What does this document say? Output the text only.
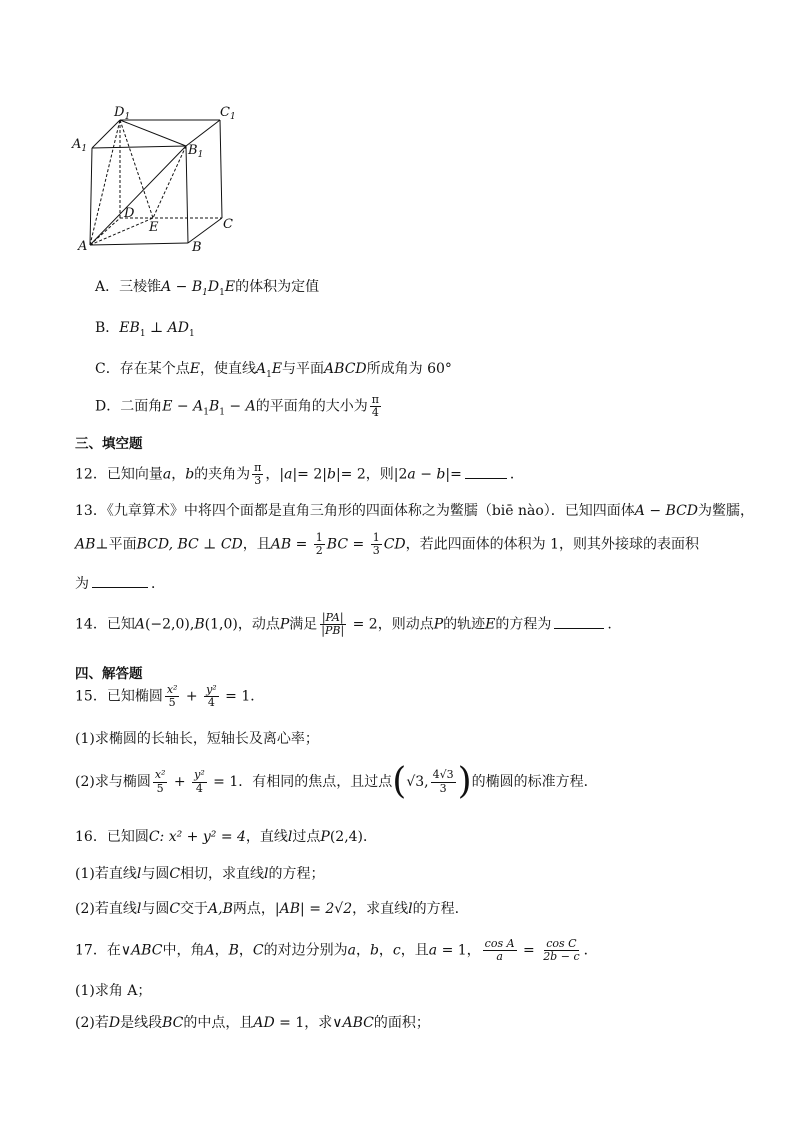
$D_1$	$C_1$
$A_1$	$B_1$
D
E	C
A	B
A．三棱锥$A - B_1D_1E$的体积为定值
B．$EB_1$ ⊥ $AD_1$
C．存在某个点E，使直线$A_1E$与平面ABCD所成角为 60°
D．二面角$E - A_1B_1 - A$的平面角的大小为 $\frac{\pi}{4}$
三、填空题
12．已知向量a，b的夹角为 $\frac{\pi}{3}$ ，|a|= 2|b|= 2，则|2a − b|=	．
13．《九章算术》中将四个面都是直角三角形的四面体称之为鳖臑（biē nào）．已知四面体A − BCD为鳖臑，
AB⊥平面BCD, BC ⊥ CD，且AB = $\frac{1}{2}$ BC = $\frac{1}{3}$ CD，若此四面体的体积为 1，则其外接球的表面积
为	．
14．已知A(−2,0),B(1,0)，动点P满足 $\frac{|PA|}{|PB|} = 2$，则动点P的轨迹E的方程为	.
四、解答题
15．已知椭圆 $\frac{\text{x²}}{5} + \frac{\text{y²}}{4} = 1$．
(1)求椭圆的长轴长，短轴长及离心率；
(2)求与椭圆 $\frac{\text{x²}}{5} + \frac{\text{y²}}{4} = 1$．有相同的焦点，且过点(√3, $\frac{4√3}{3}$ )的椭圆的标准方程．
16．已知圆C: x² + y² = 4，直线l过点P(2,4)．
(1)若直线l与圆C相切，求直线l的方程；
(2)若直线l与圆C交于A,B两点，|AB| = 2√2，求直线l的方程.
17．在∨ABC中，角A，B，C的对边分别为a，b，c，且a = 1， $\frac{\text{cos A}}{a} = \frac{\text{cos C}}{2b - c}$ ．
(1)求角 A；
(2)若D是线段BC的中点，且AD = 1，求∨ABC的面积；
